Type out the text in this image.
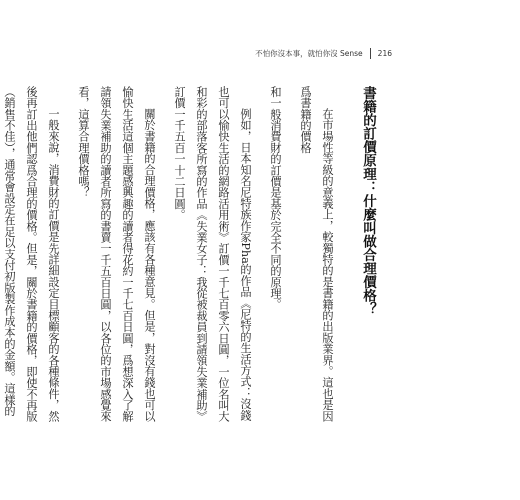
不怕你沒本事，就怕你沒 Sense 216
書籍的訂價原理：什麼叫做合理價格？

在市場性等級的意義上，較獨特的是書籍的出版業界。這也是因爲書籍的價格

和一般消費財的訂價是基於完全不同的原理。

例如，日本知名尼特族作家Pha的作品《尼特的生活方式：沒錢也可以愉快生活的網路活用術》訂價一千七百零六日圓，一位名叫大和彩的部落客所寫的作品《失業女子：我從被裁員到請領失業補助》訂價一千五百一十二日圓。

關於書籍的合理價格，應該有各種意見。但是，對沒有錢也可以愉快生活這個主題感興趣的讀者得花約一千七百日圓，爲想深入了解請領失業補助的讀者所寫的書賣一千五百日圓，以各位的市場感覺來看，這算合理價格嗎？

一般來說，消費財的訂價是先詳細設定目標顧客的各種條件，然後再訂出他們認爲合理的價格。但是，關於書籍的價格，即使不再版（銷售不佳），通常會設定在足以支付初版製作成本的金額。這樣的
